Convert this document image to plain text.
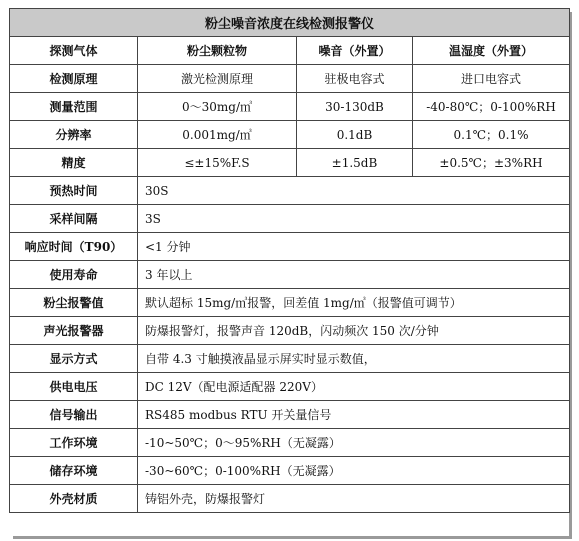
粉尘噪音浓度在线检测报警仪			
探测气体	粉尘颗粒物	噪音（外置）	温湿度（外置）
检测原理	激光检测原理	驻极电容式	进口电容式
测量范围	0～30mg/㎥	30-130dB	-40-80℃；0-100%RH
分辨率	0.001mg/㎥	0.1dB	0.1℃；0.1%
精度	≤±15%F.S	±1.5dB	±0.5℃；±3%RH
预热时间	30S		
采样间隔	3S		
响应时间（T90）	<1 分钟		
使用寿命	3 年以上		
粉尘报警值	默认超标 15mg/㎥报警，回差值 1mg/㎥（报警值可调节）		
声光报警器	防爆报警灯，报警声音 120dB，闪动频次 150 次/分钟		
显示方式	自带 4.3 寸触摸液晶显示屏实时显示数值，		
供电电压	DC 12V（配电源适配器 220V）		
信号输出	RS485 modbus RTU 开关量信号		
工作环境	-10~50℃；0～95%RH（无凝露）		
储存环境	-30~60℃；0-100%RH（无凝露）		
外壳材质	铸铝外壳，防爆报警灯		
